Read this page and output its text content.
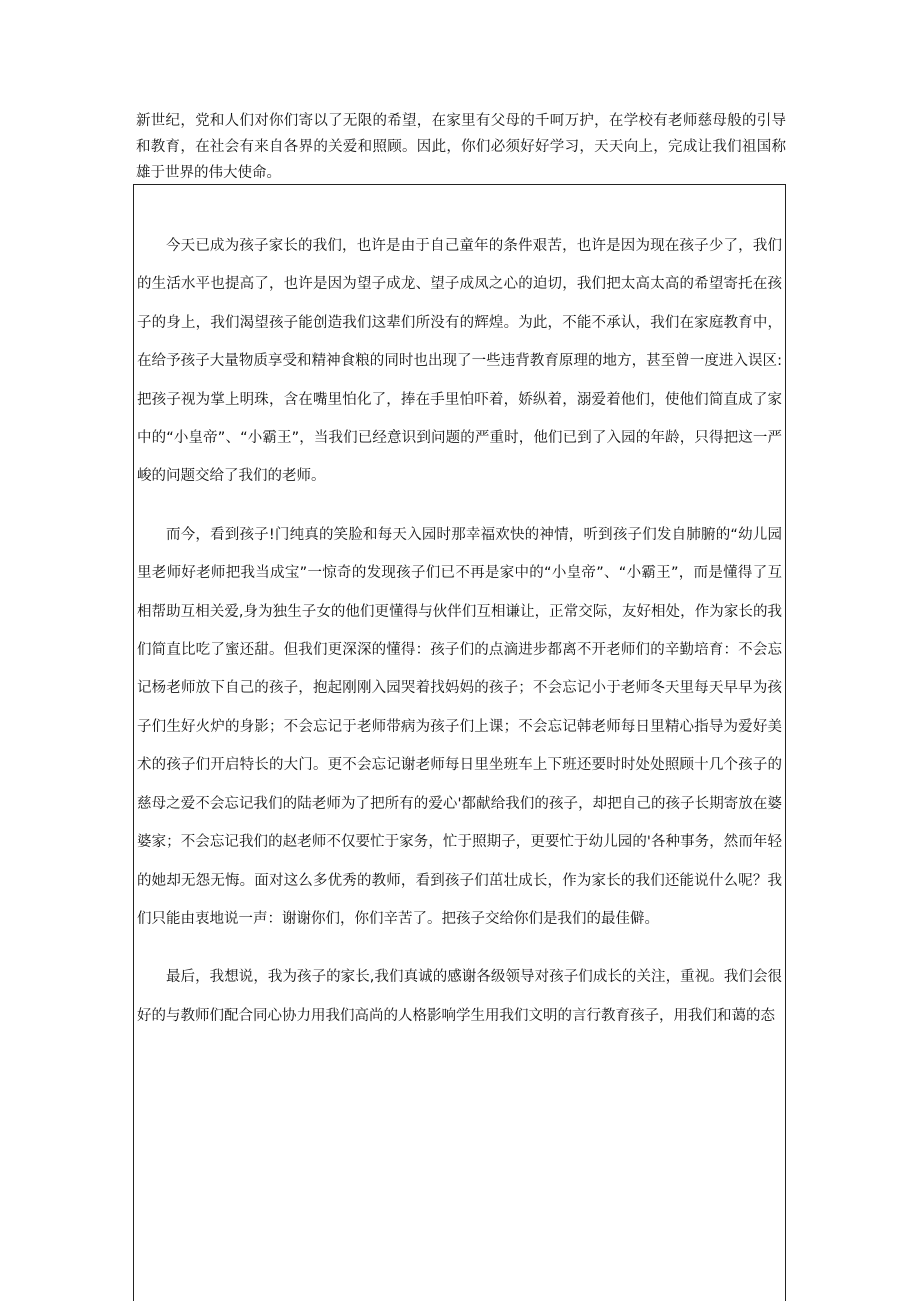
新世纪，党和人们对你们寄以了无限的希望，在家里有父母的千呵万护，在学校有老师慈母般的引导和教育，在社会有来自各界的关爱和照顾。因此，你们必须好好学习，天天向上，完成让我们祖国称雄于世界的伟大使命。

今天已成为孩子家长的我们，也许是由于自己童年的条件艰苦，也许是因为现在孩子少了，我们的生活水平也提高了，也许是因为望子成龙、望子成凤之心的迫切，我们把太高太高的希望寄托在孩子的身上，我们渴望孩子能创造我们这辈们所没有的辉煌。为此，不能不承认，我们在家庭教育中，在给予孩子大量物质享受和精神食粮的同时也出现了一些违背教育原理的地方，甚至曾一度进入误区:把孩子视为掌上明珠，含在嘴里怕化了，捧在手里怕吓着，娇纵着，溺爱着他们，使他们简直成了家中的“小皇帝”、“小霸王”，当我们已经意识到问题的严重时，他们已到了入园的年龄，只得把这一严峻的问题交给了我们的老师。

而今，看到孩子!门纯真的笑脸和每天入园时那幸福欢快的神情，听到孩子们发自肺腑的“幼儿园里老师好老师把我当成宝”一惊奇的发现孩子们已不再是家中的“小皇帝”、“小霸王”，而是懂得了互相帮助互相关爱,身为独生子女的他们更懂得与伙伴们互相谦让，正常交际，友好相处，作为家长的我们简直比吃了蜜还甜。但我们更深深的懂得：孩子们的点滴进步都离不开老师们的辛勤培育：不会忘记杨老师放下自己的孩子，抱起刚刚入园哭着找妈妈的孩子；不会忘记小于老师冬天里每天早早为孩子们生好火炉的身影；不会忘记于老师带病为孩子们上课；不会忘记韩老师每日里精心指导为爱好美术的孩子们开启特长的大门。更不会忘记谢老师每日里坐班车上下班还要时时处处照顾十几个孩子的慈母之爱不会忘记我们的陆老师为了把所有的爱心'都献给我们的孩子，却把自己的孩子长期寄放在婆婆家；不会忘记我们的赵老师不仅要忙于家务，忙于照期子，更要忙于幼儿园的'各种事务，然而年轻的她却无怨无悔。面对这么多优秀的教师，看到孩子们茁壮成长，作为家长的我们还能说什么呢？我们只能由衷地说一声：谢谢你们，你们辛苦了。把孩子交给你们是我们的最佳僻。

最后，我想说，我为孩子的家长,我们真诚的感谢各级领导对孩子们成长的关注，重视。我们会很好的与教师们配合同心协力用我们高尚的人格影响学生用我们文明的言行教育孩子，用我们和蔼的态
